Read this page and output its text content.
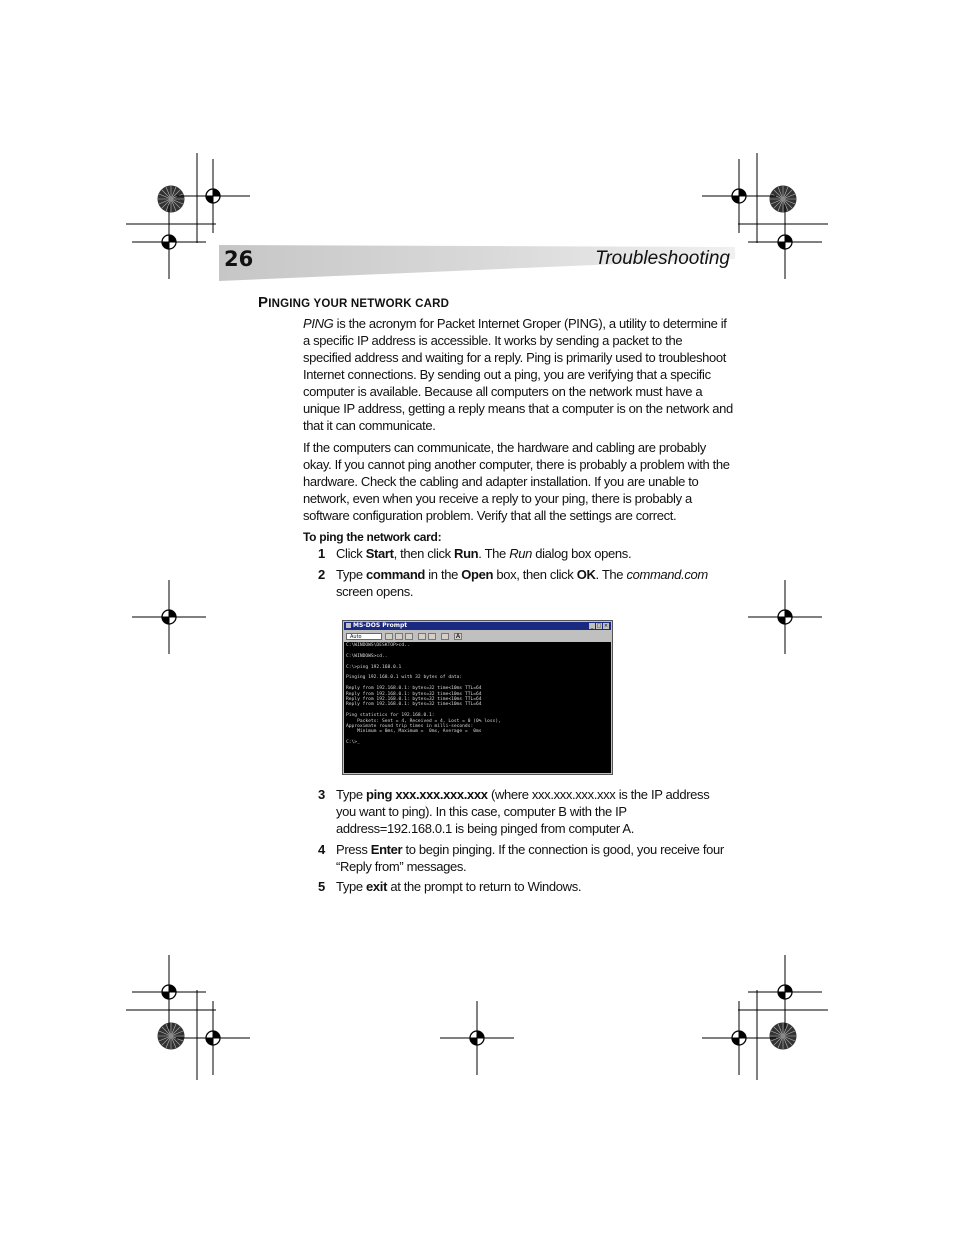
26	Troubleshooting
PINGING YOUR NETWORK CARD

PING is the acronym for Packet Internet Groper (PING), a utility to determine if a specific IP address is accessible. It works by sending a packet to the specified address and waiting for a reply. Ping is primarily used to troubleshoot Internet connections. By sending out a ping, you are verifying that a specific computer is available. Because all computers on the network must have a unique IP address, getting a reply means that a computer is on the network and that it can communicate.

If the computers can communicate, the hardware and cabling are probably okay. If you cannot ping another computer, there is probably a problem with the hardware. Check the cabling and adapter installation. If you are unable to network, even when you receive a reply to your ping, there is probably a software configuration problem. Verify that all the settings are correct.

To ping the network card:
1 Click Start, then click Run. The Run dialog box opens.
2 Type command in the Open box, then click OK. The command.com screen opens.
MS-DOS Prompt	_ □ ×
Auto	A
C:\WINDOWS\DESKTOP>cd..
C:\WINDOWS>cd..
C:\>ping 192.168.0.1
Pinging 192.168.0.1 with 32 bytes of data:
Reply from 192.168.0.1: bytes=32 time<10ms TTL=64
Reply from 192.168.0.1: bytes=32 time<10ms TTL=64
Reply from 192.168.0.1: bytes=32 time<10ms TTL=64
Reply from 192.168.0.1: bytes=32 time<10ms TTL=64
Ping statistics for 192.168.0.1:
Packets: Sent = 4, Received = 4, Lost = 0 (0% loss),
Approximate round trip times in milli-seconds:
Minimum = 0ms, Maximum =  0ms, Average =  0ms
C:\>_
3 Type ping xxx.xxx.xxx.xxx (where xxx.xxx.xxx.xxx is the IP address you want to ping). In this case, computer B with the IP address=192.168.0.1 is being pinged from computer A.
4 Press Enter to begin pinging. If the connection is good, you receive four “Reply from” messages.
5 Type exit at the prompt to return to Windows.
